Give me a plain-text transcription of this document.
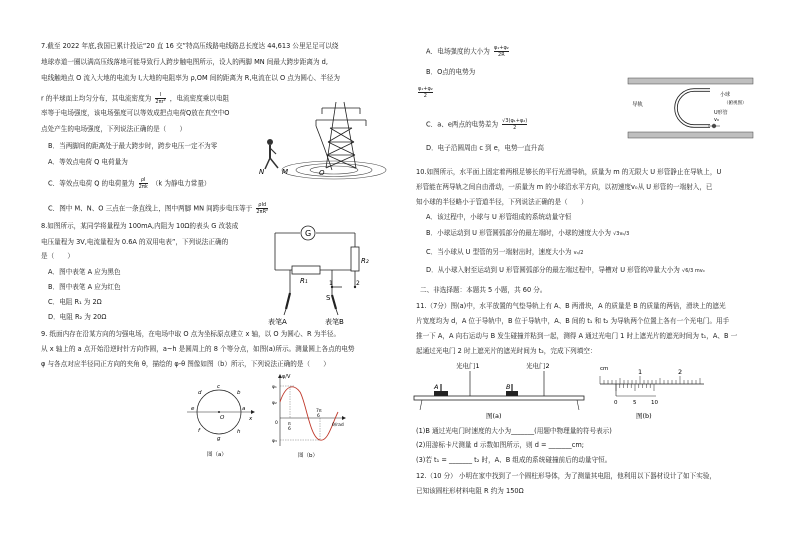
7.截至 2022 年底,我国已累计投运“20 直 16 交”特高压线路电线路总长度达 44,613 公里足足可以绕
地球赤道一圈以满高压线落地可能导致行人跨步触电图所示，设人的两脚 MN 间最大跨步距离为 d,
电线触地点 O 流入大地的电流为 I,大地的电阻率为 ρ,OM 间的距离为 R,电流在以 O 点为圆心、半径为
r 的半球面上均匀分布，其电流密度为 $\frac{I}{\text{2πr²}}$ ，电流密度乘以电阻
率等于电场强度，该电场强度可以等效成把点电荷Q放在真空中O
点处产生的电场强度，下列说法正确的是（　　）
B．当两脚间的距离处于最大跨步时，跨步电压一定不为零
A．等效点电荷 Q 电荷量为
C．等效点电荷 Q 的电荷量为 $\frac{\rho I}{2\pi k} (k$ 为静电力常量）
C．图中 M、N、O 三点在一条直线上，图中两脚 MN 间跨步电压等于	ρId
2πR²
N	M	O
8.如图所示，某同学将量程为 100mA,内阻为 10Ω的表头 G 改装成
电压量程为 3V,电流量程为 0.6A 的双用电表”，下列说法正确的
是（　　）
A．图中表笔 A 应为黑色
B．图中表笔 A 应为红色
C．电阻 R₁ 为 2Ω
D．电阻 R₂ 为 20Ω
G
R₁
R₂
1	2
S
表笔A	表笔B
9. 纸面内存在沿某方向的匀强电场，在电场中取 O 点为坐标原点建立 x 轴，以 O 为圆心、R 为半径。
从 x 轴上的 a 点开始沿逆时针方向作圆，a~h 是圆周上的 8 个等分点，如图(a)所示。测量圆上各点的电势
φ 与各点对应半径同正方向的夹角 θ，描绘的 φ-θ 图像如图（b）所示，下列说法正确的是（　　）
O	x
a
b
c
d
e
f
g
h
图（a）
φ/V
θ/rad
φ₁
φ₂
φ₃
0 π
6
7π
6
图（b）
A．电场强度的大小为 $\frac{\text{φ₁+φ₂}}{2R}$
B．O点的电势为
$\frac{\text{φ₁+φ₂}}{2}$
C．a、e两点的电势差为 $\frac{\text{√3(φ₁+φ₂)}}{2}$
D．电子沿圆周由 c 到 e，电势一直升高
v₀
导轨
小球
（俯视图）
U形管
10.如图所示，水平面上固定着两根足够长的平行光滑导轨，质量为 m 的无限大 U 形管静止在导轨上，U
形管能在两导轨之间自由滑动，一质量为 m 的小球沿水平方向，以初速度v₀从 U 形管的一端射入，已
知小球的半径略小于管道半径，下列说法正确的是（　　）
A．该过程中，小球与 U 形管组成的系统动量守恒
B．小球运动到 U 形管圆弧部分的最左端时，小球的速度大小为 √3v₀/3
C．当小球从 U 型管的另一端射出时，速度大小为 v₀/2
D．从小球入射至运动到 U 形管圆弧部分的最左端过程中，导槽对 U 形管的冲量大小为 √6/3 mv₀
二、非选择题：本题共 5 小题，共 60 分。
11.（7分）图(a)中，水平放置的气垫导轨上有 A、B 两滑块，A 的质量是 B 的质量的两倍，滑块上的遮光
片宽度均为 d，A 位于导轨中，B 位于导轨中，A、B 间的 t₁ 和 t₂ 为导轨两个位置上各有一个光电门。用手
推一下 A，A 向右运动与 B 发生碰撞并粘到一起，测得 A 通过光电门 1 时上遮光片的遮光时间为 t₁，A、B 一
起通过光电门 2 时上遮光片的遮光时间为 t₂，完成下列填空：
光电门1	光电门2
A	B
图(a)
cm	1	2
0	5	10
图(b)
(1)B 通过光电门时速度的大小为_______(用题中物理量的符号表示)
(2)用游标卡尺测量 d 示数如图所示，则 d = _______cm;
(3)若 t₁ = _______ t₂ 时，A、B 组成的系统碰撞前后的动量守恒。
12.（10 分） 小明在家中找到了一个圆柱形导体，为了测量其电阻，他利用以下器材设计了如下实验，
已知该圆柱形材料电阻 R 约为 150Ω
